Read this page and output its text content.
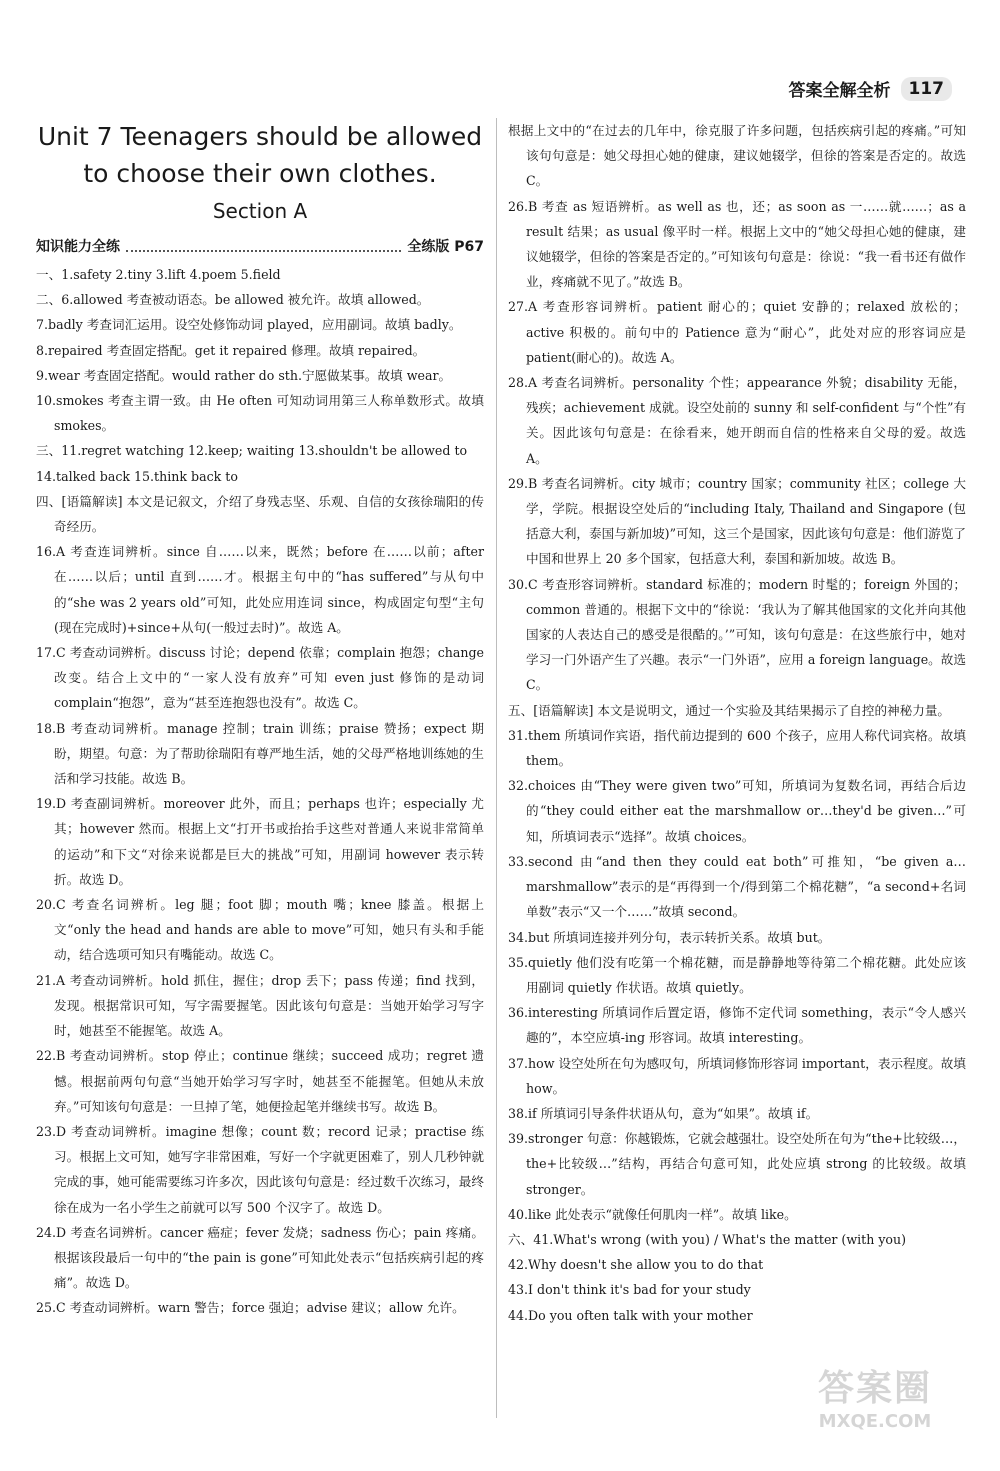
答案全解全析	117
Unit 7 Teenagers should be allowed
to choose their own clothes.
Section A
知识能力全练	全练版 P67

一、1.safety 2.tiny 3.lift 4.poem 5.field

二、6.allowed 考查被动语态。be allowed 被允许。故填 allowed。

7.badly 考查词汇运用。设空处修饰动词 played，应用副词。故填 badly。

8.repaired 考查固定搭配。get it repaired 修理。故填 repaired。

9.wear 考查固定搭配。would rather do sth.宁愿做某事。故填 wear。

10.smokes 考查主谓一致。由 He often 可知动词用第三人称单数形式。故填 smokes。

三、11.regret watching 12.keep; waiting 13.shouldn't be allowed to

14.talked back 15.think back to

四、[语篇解读] 本文是记叙文，介绍了身残志坚、乐观、自信的女孩徐瑞阳的传奇经历。

16.A 考查连词辨析。since 自……以来，既然；before 在……以前；after 在……以后；until 直到……才。根据主句中的“has suffered”与从句中的“she was 2 years old”可知，此处应用连词 since，构成固定句型“主句(现在完成时)+since+从句(一般过去时)”。故选 A。

17.C 考查动词辨析。discuss 讨论；depend 依靠；complain 抱怨；change 改变。结合上文中的“一家人没有放弃”可知 even just 修饰的是动词 complain“抱怨”，意为“甚至连抱怨也没有”。故选 C。

18.B 考查动词辨析。manage 控制；train 训练；praise 赞扬；expect 期盼，期望。句意：为了帮助徐瑞阳有尊严地生活，她的父母严格地训练她的生活和学习技能。故选 B。

19.D 考查副词辨析。moreover 此外，而且；perhaps 也许；especially 尤其；however 然而。根据上文“打开书或抬抬手这些对普通人来说非常简单的运动”和下文“对徐来说都是巨大的挑战”可知，用副词 however 表示转折。故选 D。

20.C 考查名词辨析。leg 腿；foot 脚；mouth 嘴；knee 膝盖。根据上文“only the head and hands are able to move”可知，她只有头和手能动，结合选项可知只有嘴能动。故选 C。

21.A 考查动词辨析。hold 抓住，握住；drop 丢下；pass 传递；find 找到，发现。根据常识可知，写字需要握笔。因此该句句意是：当她开始学习写字时，她甚至不能握笔。故选 A。

22.B 考查动词辨析。stop 停止；continue 继续；succeed 成功；regret 遗憾。根据前两句句意“当她开始学习写字时，她甚至不能握笔。但她从未放弃。”可知该句句意是：一旦掉了笔，她便捡起笔并继续书写。故选 B。

23.D 考查动词辨析。imagine 想像；count 数；record 记录；practise 练习。根据上文可知，她写字非常困难，写好一个字就更困难了，别人几秒钟就完成的事，她可能需要练习许多次，因此该句句意是：经过数千次练习，最终徐在成为一名小学生之前就可以写 500 个汉字了。故选 D。

24.D 考查名词辨析。cancer 癌症；fever 发烧；sadness 伤心；pain 疼痛。根据该段最后一句中的“the pain is gone”可知此处表示“包括疾病引起的疼痛”。故选 D。

25.C 考查动词辨析。warn 警告；force 强迫；advise 建议；allow 允许。

根据上文中的“在过去的几年中，徐克服了许多问题，包括疾病引起的疼痛。”可知该句句意是：她父母担心她的健康，建议她辍学，但徐的答案是否定的。故选 C。

26.B 考查 as 短语辨析。as well as 也，还；as soon as 一……就……；as a result 结果；as usual 像平时一样。根据上文中的“她父母担心她的健康，建议她辍学，但徐的答案是否定的。”可知该句句意是：徐说：“我一看书还有做作业，疼痛就不见了。”故选 B。

27.A 考查形容词辨析。patient 耐心的；quiet 安静的；relaxed 放松的；active 积极的。前句中的 Patience 意为“耐心”，此处对应的形容词应是 patient(耐心的)。故选 A。

28.A 考查名词辨析。personality 个性；appearance 外貌；disability 无能，残疾；achievement 成就。设空处前的 sunny 和 self-confident 与“个性”有关。因此该句句意是：在徐看来，她开朗而自信的性格来自父母的爱。故选 A。

29.B 考查名词辨析。city 城市；country 国家；community 社区；college 大学，学院。根据设空处后的“including Italy, Thailand and Singapore (包括意大利，泰国与新加坡)”可知，这三个是国家，因此该句句意是：他们游览了中国和世界上 20 多个国家，包括意大利，泰国和新加坡。故选 B。

30.C 考查形容词辨析。standard 标准的；modern 时髦的；foreign 外国的；common 普通的。根据下文中的“徐说：‘我认为了解其他国家的文化并向其他国家的人表达自己的感受是很酷的。’”可知，该句句意是：在这些旅行中，她对学习一门外语产生了兴趣。表示“一门外语”，应用 a foreign language。故选 C。

五、[语篇解读] 本文是说明文，通过一个实验及其结果揭示了自控的神秘力量。

31.them 所填词作宾语，指代前边提到的 600 个孩子，应用人称代词宾格。故填 them。

32.choices 由“They were given two”可知，所填词为复数名词，再结合后边的“they could either eat the marshmallow or…they'd be given…”可知，所填词表示“选择”。故填 choices。

33.second 由“and then they could eat both”可推知，“be given a…marshmallow”表示的是“再得到一个/得到第二个棉花糖”，“a second+名词单数”表示“又一个……”故填 second。

34.but 所填词连接并列分句，表示转折关系。故填 but。

35.quietly 他们没有吃第一个棉花糖，而是静静地等待第二个棉花糖。此处应该用副词 quietly 作状语。故填 quietly。

36.interesting 所填词作后置定语，修饰不定代词 something，表示“令人感兴趣的”，本空应填-ing 形容词。故填 interesting。

37.how 设空处所在句为感叹句，所填词修饰形容词 important，表示程度。故填 how。

38.if 所填词引导条件状语从句，意为“如果”。故填 if。

39.stronger 句意：你越锻炼，它就会越强壮。设空处所在句为“the+比较级…，the+比较级…”结构，再结合句意可知，此处应填 strong 的比较级。故填 stronger。

40.like 此处表示“就像任何肌肉一样”。故填 like。

六、41.What's wrong (with you) / What's the matter (with you)

42.Why doesn't she allow you to do that

43.I don't think it's bad for your study

44.Do you often talk with your mother

答案圈
MXQE.COM
